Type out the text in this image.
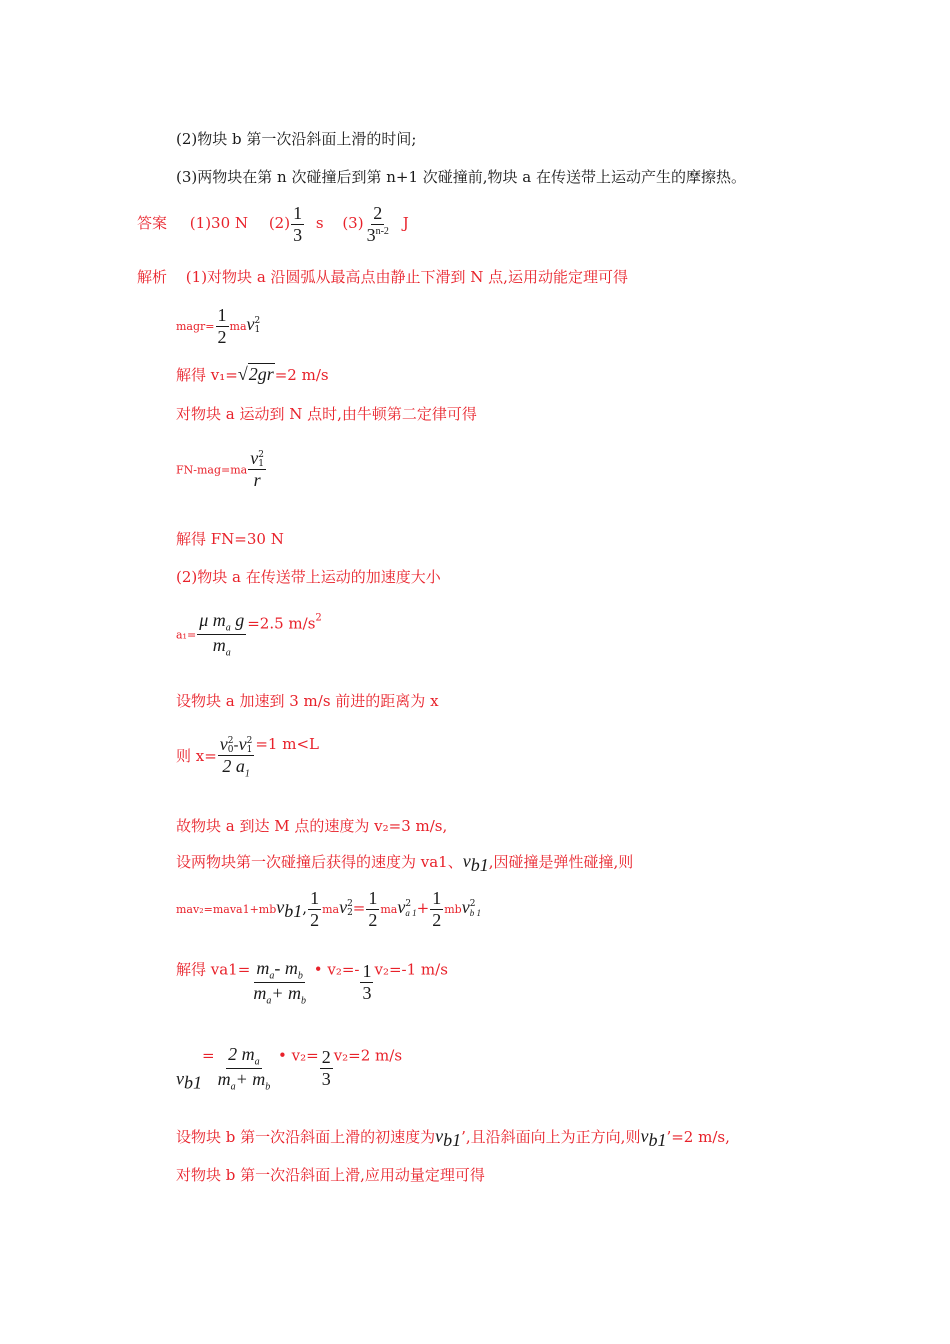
(2)物块 b 第一次沿斜面上滑的时间;
(3)两物块在第 n 次碰撞后到第 n+1 次碰撞前,物块 a 在传送带上运动产生的摩擦热。
答案 (1)30 N $(2) \frac{1}{3}$ s $(3) \frac{2}{3^{n-2}}$ J
解析 (1)对物块 a 沿圆弧从最高点由静止下滑到 N 点,运用动能定理可得
magr= $\frac{1}{2}$ mav 2
1
解得 v₁=√2gr=2 m/s
对物块 a 运动到 N 点时,由牛顿第二定律可得
FN-mag=ma v 2
1
r
解得 FN=30 N
(2)物块 a 在传送带上运动的加速度大小
$a_1= \frac{\mu m_a g}{m_a} =2.5$ $m/s^2$
设物块 a 加速到 3 m/s 前进的距离为 x
则 x= v 2
0 -v 2
1
2 $a_1 =1$ m<L
故物块 a 到达 M 点的速度为 v₂=3 m/s,
设两物块第一次碰撞后获得的速度为 va1、$v_{b1}$,因碰撞是弹性碰撞,则
mav₂=mava1+mbv$_{b1}$, $\frac{1}{2}$ mav 2
$2 = \frac{1}{2}$ mav 2
a $1 + \frac{1}{2}$ mbv 2
b 1
解得 $va1= \frac{m_a- m_b}{m_a+ m_b}$ • $v_2=- \frac{1}{3} v_2=-1$ m/s
$v_{b1}= \frac{2 m_a}{m_a+ m_b}$ • $v_2= \frac{2}{3} v_2=2$ m/s
设物块 b 第一次沿斜面上滑的初速度为$v_{b1}$’,且沿斜面向上为正方向,则$v_{b1}’=2$ m/s,
对物块 b 第一次沿斜面上滑,应用动量定理可得
